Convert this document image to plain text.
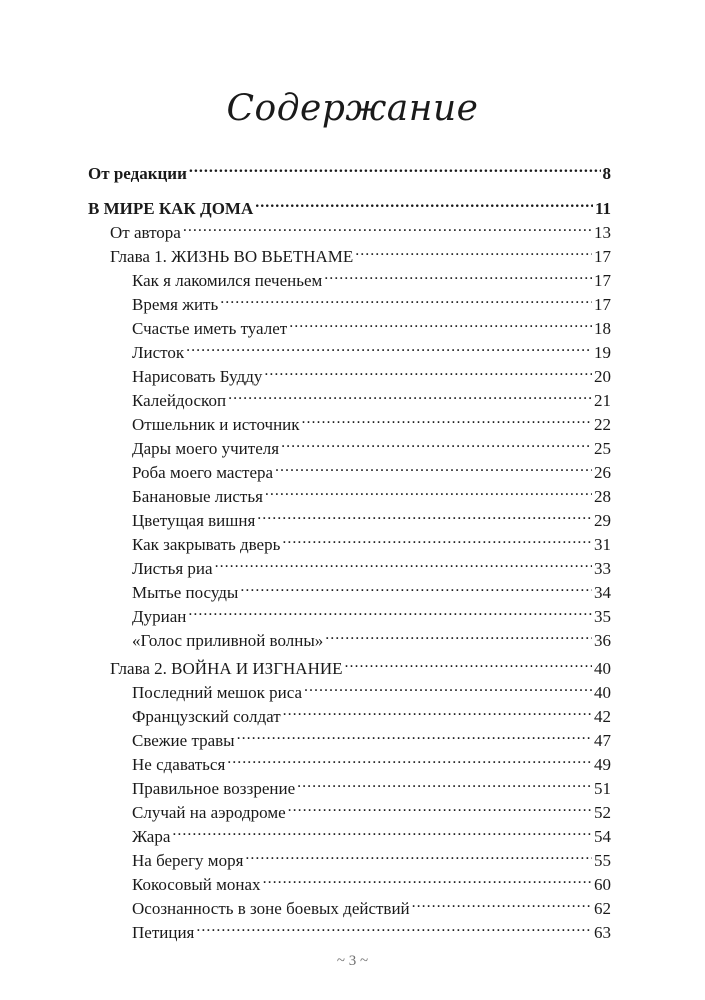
Содержание
От редакции .....	8
В МИРЕ КАК ДОМА .....	11
От автора .....	13
Глава 1. ЖИЗНЬ ВО ВЬЕТНАМЕ .....	17
Как я лакомился печеньем .....	17
Время жить .....	17
Счастье иметь туалет .....	18
Листок .....	19
Нарисовать Будду .....	20
Калейдоскоп .....	21
Отшельник и источник .....	22
Дары моего учителя .....	25
Роба моего мастера .....	26
Банановые листья .....	28
Цветущая вишня .....	29
Как закрывать дверь .....	31
Листья риа .....	33
Мытье посуды .....	34
Дуриан .....	35
«Голос приливной волны» .....	36
Глава 2. ВОЙНА И ИЗГНАНИЕ .....	40
Последний мешок риса .....	40
Французский солдат .....	42
Свежие травы .....	47
Не сдаваться .....	49
Правильное воззрение .....	51
Случай на аэродроме .....	52
Жара .....	54
На берегу моря .....	55
Кокосовый монах .....	60
Осознанность в зоне боевых действий .....	62
Петиция .....	63
~ 3 ~
